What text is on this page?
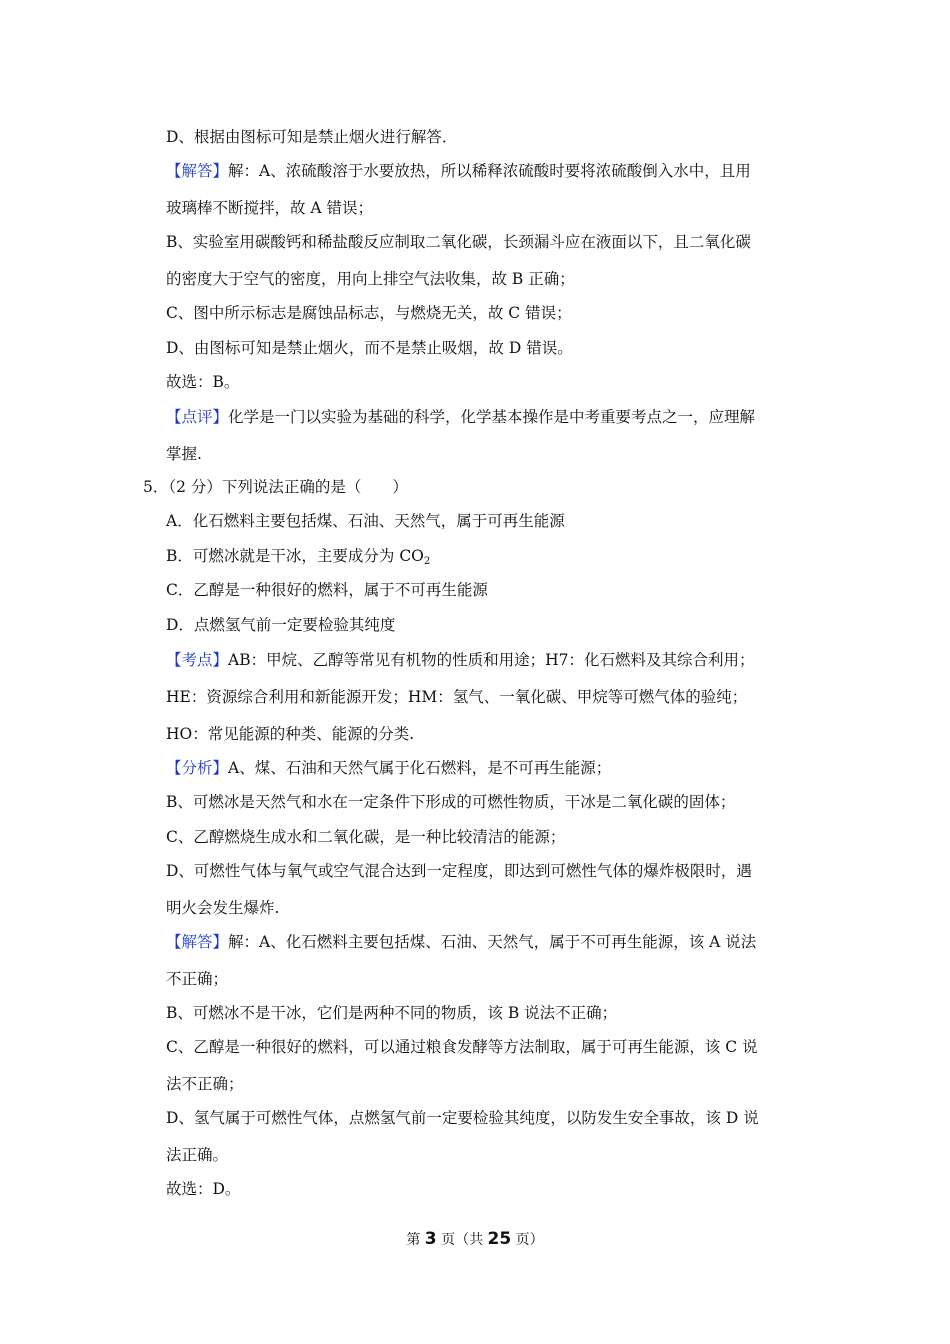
D、根据由图标可知是禁止烟火进行解答．
【解答】解：A、浓硫酸溶于水要放热，所以稀释浓硫酸时要将浓硫酸倒入水中，且用
玻璃棒不断搅拌，故 A 错误；
B、实验室用碳酸钙和稀盐酸反应制取二氧化碳，长颈漏斗应在液面以下，且二氧化碳
的密度大于空气的密度，用向上排空气法收集，故 B 正确；
C、图中所示标志是腐蚀品标志，与燃烧无关，故 C 错误；
D、由图标可知是禁止烟火，而不是禁止吸烟，故 D 错误。
故选：B。
【点评】化学是一门以实验为基础的科学，化学基本操作是中考重要考点之一，应理解
掌握.
5．（2 分）下列说法正确的是（　　）
A．化石燃料主要包括煤、石油、天然气，属于可再生能源
B．可燃冰就是干冰，主要成分为 $CO_2$
C．乙醇是一种很好的燃料，属于不可再生能源
D．点燃氢气前一定要检验其纯度
【考点】AB：甲烷、乙醇等常见有机物的性质和用途；H7：化石燃料及其综合利用；
HE：资源综合利用和新能源开发；HM：氢气、一氧化碳、甲烷等可燃气体的验纯；
HO：常见能源的种类、能源的分类.
【分析】A、煤、石油和天然气属于化石燃料，是不可再生能源；
B、可燃冰是天然气和水在一定条件下形成的可燃性物质，干冰是二氧化碳的固体；
C、乙醇燃烧生成水和二氧化碳，是一种比较清洁的能源；
D、可燃性气体与氧气或空气混合达到一定程度，即达到可燃性气体的爆炸极限时，遇
明火会发生爆炸.
【解答】解：A、化石燃料主要包括煤、石油、天然气，属于不可再生能源，该 A 说法
不正确；
B、可燃冰不是干冰，它们是两种不同的物质，该 B 说法不正确；
C、乙醇是一种很好的燃料，可以通过粮食发酵等方法制取，属于可再生能源，该 C 说
法不正确；
D、氢气属于可燃性气体，点燃氢气前一定要检验其纯度，以防发生安全事故，该 D 说
法正确。
故选：D。
第 3 页（共 25 页）
